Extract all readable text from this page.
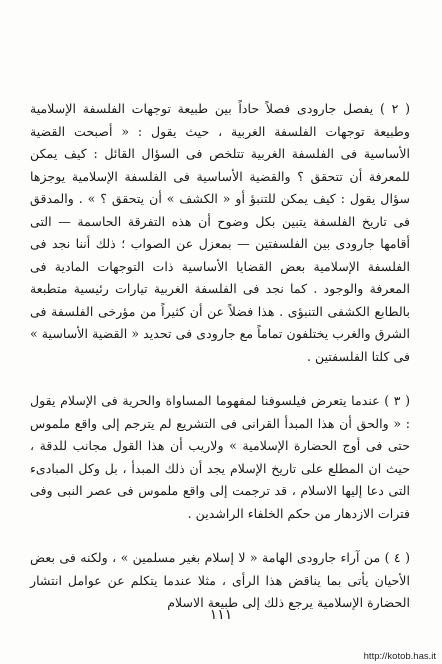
( ٢ ) يفصل جارودى فصلاً حاداً بين طبيعة توجهات الفلسفة الإسلامية وطبيعة توجهات الفلسفة الغربية ، حيث يقول : « أصبحت القضية الأساسية فى الفلسفة الغربية تتلخص فى السؤال القائل : كيف يمكن للمعرفة أن تتحقق ؟ والقضية الأساسية فى الفلسفة الإسلامية يوجزها سؤال يقول : كيف يمكن للتنبؤ أو « الكشف » أن يتحقق ؟ » . والمدقق فى تاريخ الفلسفة يتبين بكل وضوح أن هذه التفرقة الحاسمة — التى أقامها جارودى بين الفلسفتين — بمعزل عن الصواب ؛ ذلك أننا نجد فى الفلسفة الإسلامية بعض القضايا الأساسية ذات التوجهات المادية فى المعرفة والوجود . كما نجد فى الفلسفة الغربية تيارات رئيسية متطبعة بالطابع الكشفى التنبؤى . هذا فضلاً عن أن كثيراً من مؤرخى الفلسفة فى الشرق والغرب يختلفون تماماً مع جارودى فى تحديد « القضية الأساسية » فى كلتا الفلسفتين .

( ٣ ) عندما يتعرض فيلسوفنا لمفهوما المساواة والحرية فى الإسلام يقول : « والحق أن هذا المبدأ القرانى فى التشريع لم يترجم إلى واقع ملموس حتى فى أوج الحضارة الإسلامية » ولاريب أن هذا القول مجانب للدقة ، حيث ان المطلع على تاريخ الإسلام يجد أن ذلك المبدأ ، بل وكل المبادىء التى دعا إليها الاسلام ، قد ترجمت إلى واقع ملموس فى عصر النبى وفى فترات الازدهار من حكم الخلفاء الراشدين .

( ٤ ) من آراء جارودى الهامة « لا إسلام بغير مسلمين » ، ولكنه فى بعض الأحيان يأتى بما يناقض هذا الرأى ، مثلا عندما يتكلم عن عوامل انتشار الحضارة الإسلامية يرجع ذلك إلى طبيعة الاسلام

١١١
http://kotob.has.it
